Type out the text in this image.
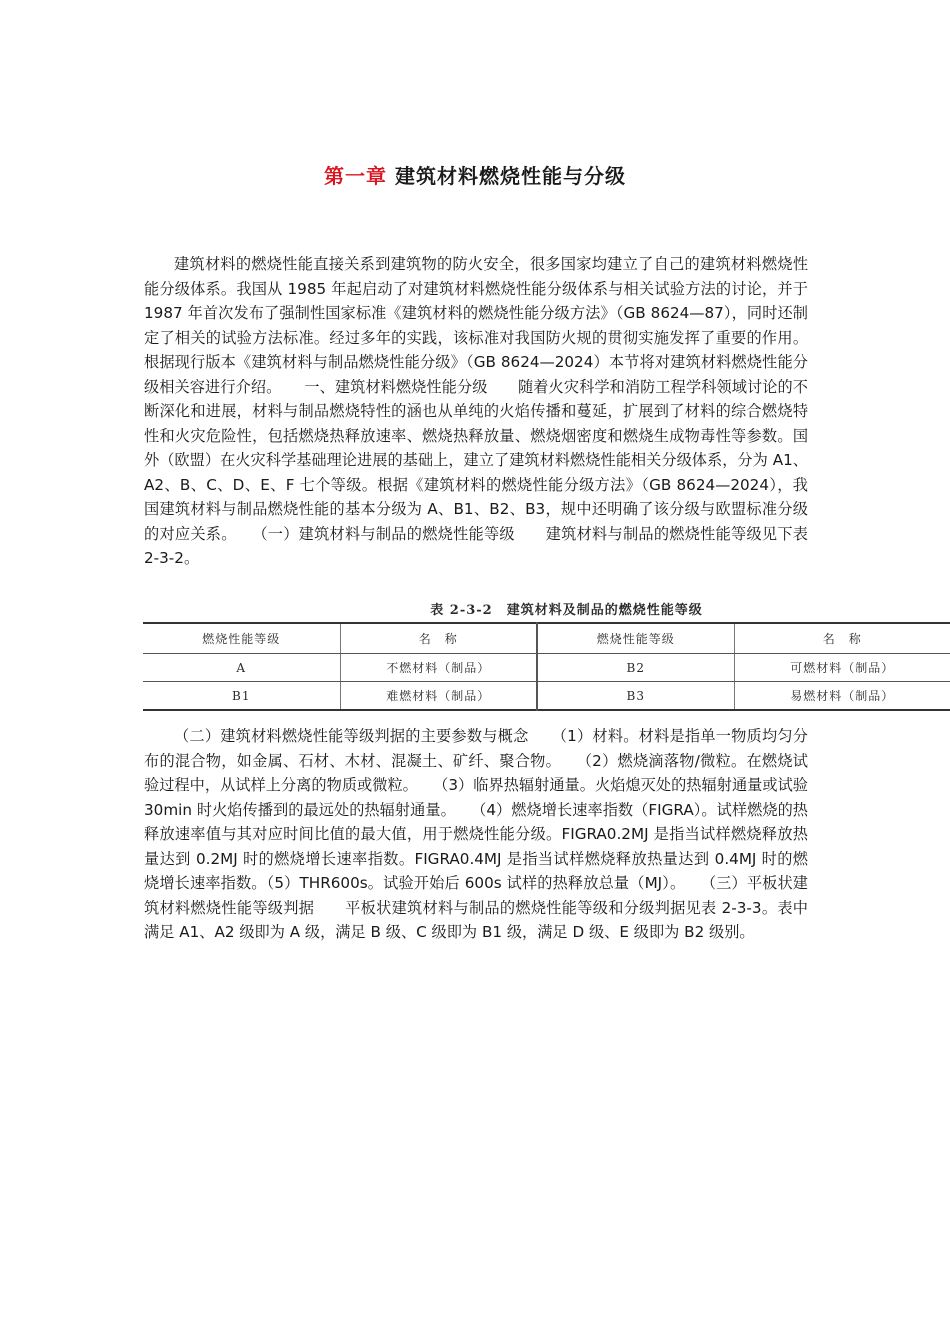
第一章 建筑材料燃烧性能与分级
建筑材料的燃烧性能直接关系到建筑物的防火安全，很多国家均建立了自己的建筑材料燃烧性能分级体系。我国从 1985 年起启动了对建筑材料燃烧性能分级体系与相关试验方法的讨论，并于 1987 年首次发布了强制性国家标准《建筑材料的燃烧性能分级方法》（GB 8624—87），同时还制定了相关的试验方法标准。经过多年的实践，该标准对我国防火规的贯彻实施发挥了重要的作用。根据现行版本《建筑材料与制品燃烧性能分级》（GB 8624—2024）本节将对建筑材料燃烧性能分级相关容进行介绍。　　一、建筑材料燃烧性能分级　　随着火灾科学和消防工程学科领域讨论的不断深化和进展，材料与制品燃烧特性的涵也从单纯的火焰传播和蔓延，扩展到了材料的综合燃烧特性和火灾危险性，包括燃烧热释放速率、燃烧热释放量、燃烧烟密度和燃烧生成物毒性等参数。国外（欧盟）在火灾科学基础理论进展的基础上，建立了建筑材料燃烧性能相关分级体系，分为 A1、A2、B、C、D、E、F 七个等级。根据《建筑材料的燃烧性能分级方法》（GB 8624—2024），我国建筑材料与制品燃烧性能的基本分级为 A、B1、B2、B3，规中还明确了该分级与欧盟标准分级的对应关系。　　（一）建筑材料与制品的燃烧性能等级　　建筑材料与制品的燃烧性能等级见下表 2-3-2。
表 2-3-2　建筑材料及制品的燃烧性能等级
燃烧性能等级	名　称	燃烧性能等级	名　称
A	不燃材料（制品）	B2	可燃材料（制品）
B1	难燃材料（制品）	B3	易燃材料（制品）
（二）建筑材料燃烧性能等级判据的主要参数与概念　　（1）材料。材料是指单一物质均匀分布的混合物，如金属、石材、木材、混凝土、矿纤、聚合物。　　（2）燃烧滴落物/微粒。在燃烧试验过程中，从试样上分离的物质或微粒。　　（3）临界热辐射通量。火焰熄灭处的热辐射通量或试验 30min 时火焰传播到的最远处的热辐射通量。　　（4）燃烧增长速率指数（FIGRA）。试样燃烧的热释放速率值与其对应时间比值的最大值，用于燃烧性能分级。FIGRA0.2MJ 是指当试样燃烧释放热量达到 0.2MJ 时的燃烧增长速率指数。FIGRA0.4MJ 是指当试样燃烧释放热量达到 0.4MJ 时的燃烧增长速率指数。（5）THR600s。试验开始后 600s 试样的热释放总量（MJ）。　　（三）平板状建筑材料燃烧性能等级判据　　平板状建筑材料与制品的燃烧性能等级和分级判据见表 2-3-3。表中满足 A1、A2 级即为 A 级，满足 B 级、C 级即为 B1 级，满足 D 级、E 级即为 B2 级别。
